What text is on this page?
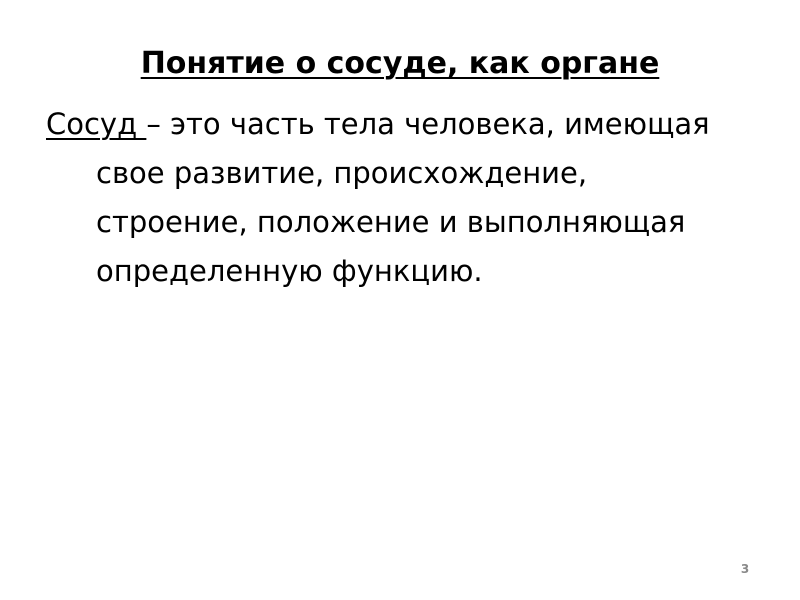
Понятие о сосуде, как органе

Сосуд – это часть тела человека, имеющая свое развитие, происхождение, строение, положение и выполняющая определенную функцию.

3
